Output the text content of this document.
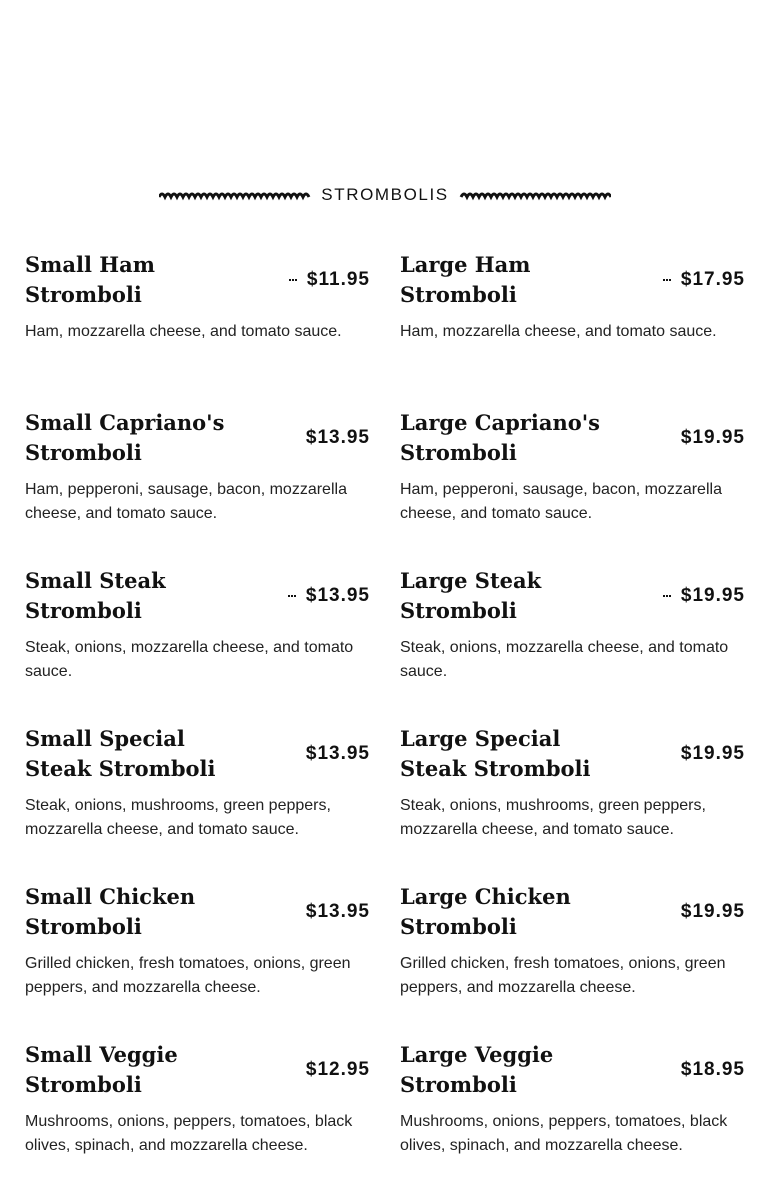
STROMBOLIS
Small Ham Stromboli
$11.95
Ham, mozzarella cheese, and tomato sauce.
Large Ham Stromboli
$17.95
Ham, mozzarella cheese, and tomato sauce.
Small Capriano's Stromboli
$13.95
Ham, pepperoni, sausage, bacon, mozzarella cheese, and tomato sauce.
Large Capriano's Stromboli
$19.95
Ham, pepperoni, sausage, bacon, mozzarella cheese, and tomato sauce.
Small Steak Stromboli
$13.95
Steak, onions, mozzarella cheese, and tomato sauce.
Large Steak Stromboli
$19.95
Steak, onions, mozzarella cheese, and tomato sauce.
Small Special Steak Stromboli
$13.95
Steak, onions, mushrooms, green peppers, mozzarella cheese, and tomato sauce.
Large Special Steak Stromboli
$19.95
Steak, onions, mushrooms, green peppers, mozzarella cheese, and tomato sauce.
Small Chicken Stromboli
$13.95
Grilled chicken, fresh tomatoes, onions, green peppers, and mozzarella cheese.
Large Chicken Stromboli
$19.95
Grilled chicken, fresh tomatoes, onions, green peppers, and mozzarella cheese.
Small Veggie Stromboli
$12.95
Mushrooms, onions, peppers, tomatoes, black olives, spinach, and mozzarella cheese.
Large Veggie Stromboli
$18.95
Mushrooms, onions, peppers, tomatoes, black olives, spinach, and mozzarella cheese.
